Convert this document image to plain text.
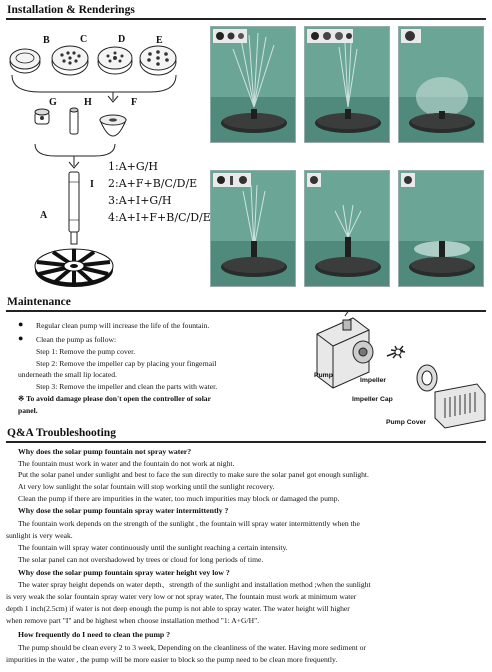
Installation & Renderings
B	C	D	E
G	H	F
I
A
1:A+G/H
2:A+F+B/C/D/E
3:A+I+G/H
4:A+I+F+B/C/D/E
Maintenance
● Regular clean pump will increase the life of the fountain.
● Clean the pump as follow:
Step 1: Remove the pump cover.
Step 2: Remove the impeller cap by placing your fingernail
underneath the small lip located.
Step 3: Remove the impeller and clean the parts with water.
※ To avoid damage please don't open the controller of solar
panel.
Pump
Impeller
Impeller Cap
Pump Cover
Q&A Troubleshooting
Why does the solar pump fountain not spray water?
The fountain must work in water and the fountain do not work at night.
Put the solar panel under sunlight and best to face the sun directly to make sure the solar panel got enough sunlight.
At very low sunlight the solar fountain will stop working until the sunlight recovery.
Clean the pump if there are impurities in the water, too much impurities may block or damaged the pump.
Why dose the solar pump fountain spray water intermittently ?
The fountain work depends on the strength of the sunlight , the fountain will spray water intermittently when the
sunlight is very weak.
The fountain will spray water continuously until the sunlight reaching a certain intensity.
The solar panel can not overshadowed by trees or cloud for long periods of time.
Why dose the solar pump fountain spray water height vey low ?
The water spray height depends on water depth、strength of the sunlight and installation method ;when the sunlight
is very weak the solar fountain spray water very low or not spray water, The fountain must work at minimum water
depth 1 inch(2.5cm) if water is not deep enough the pump is not able to spray water. The water height will higher
when remove part "I" and be highest when choose installation method "1: A+G/H".
How frequently do I need to clean the pump ?
The pump should be clean every 2 to 3 week, Depending on the cleanliness of the water. Having more sediment or
impurities in the water , the pump will be more easier to block so the pump need to be clean more frequently.
